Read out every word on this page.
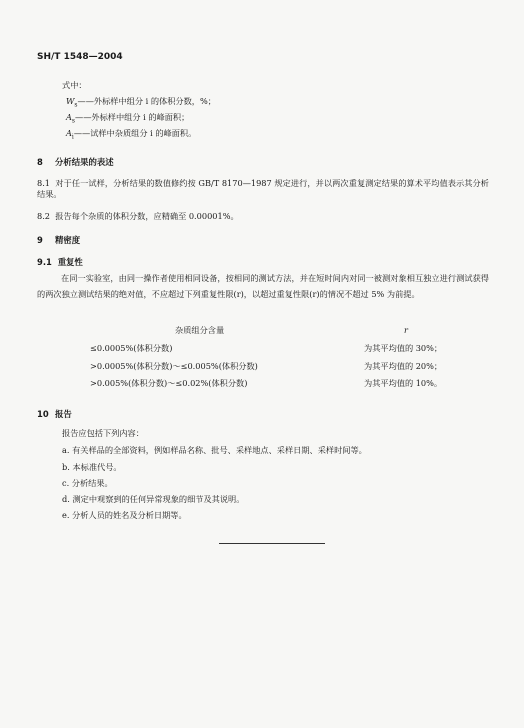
SH/T 1548—2004
式中：
$W_s——$外标样中组分 i 的体积分数，%；
$A_s——$外标样中组分 i 的峰面积；
$A_i——$试样中杂质组分 i 的峰面积。
8 分析结果的表述
8.1 对于任一试样，分析结果的数值修约按 GB/T 8170—1987 规定进行，并以两次重复测定结果的算术平均值表示其分析结果。
8.2 报告每个杂质的体积分数，应精确至 0.00001%。
9 精密度
9.1 重复性
在同一实验室，由同一操作者使用相同设备，按相同的测试方法，并在短时间内对同一被测对象相互独立进行测试获得的两次独立测试结果的绝对值，不应超过下列重复性限(r)，以超过重复性限(r)的情况不超过 5% 为前提。
杂质组分含量	r
≤0.0005%(体积分数)	为其平均值的 30%；
>0.0005%(体积分数)～≤0.005%(体积分数)	为其平均值的 20%；
>0.005%(体积分数)～≤0.02%(体积分数)	为其平均值的 10%。
10 报告
报告应包括下列内容：
a. 有关样品的全部资料，例如样品名称、批号、采样地点、采样日期、采样时间等。
b. 本标准代号。
c. 分析结果。
d. 测定中观察到的任何异常现象的细节及其说明。
e. 分析人员的姓名及分析日期等。
